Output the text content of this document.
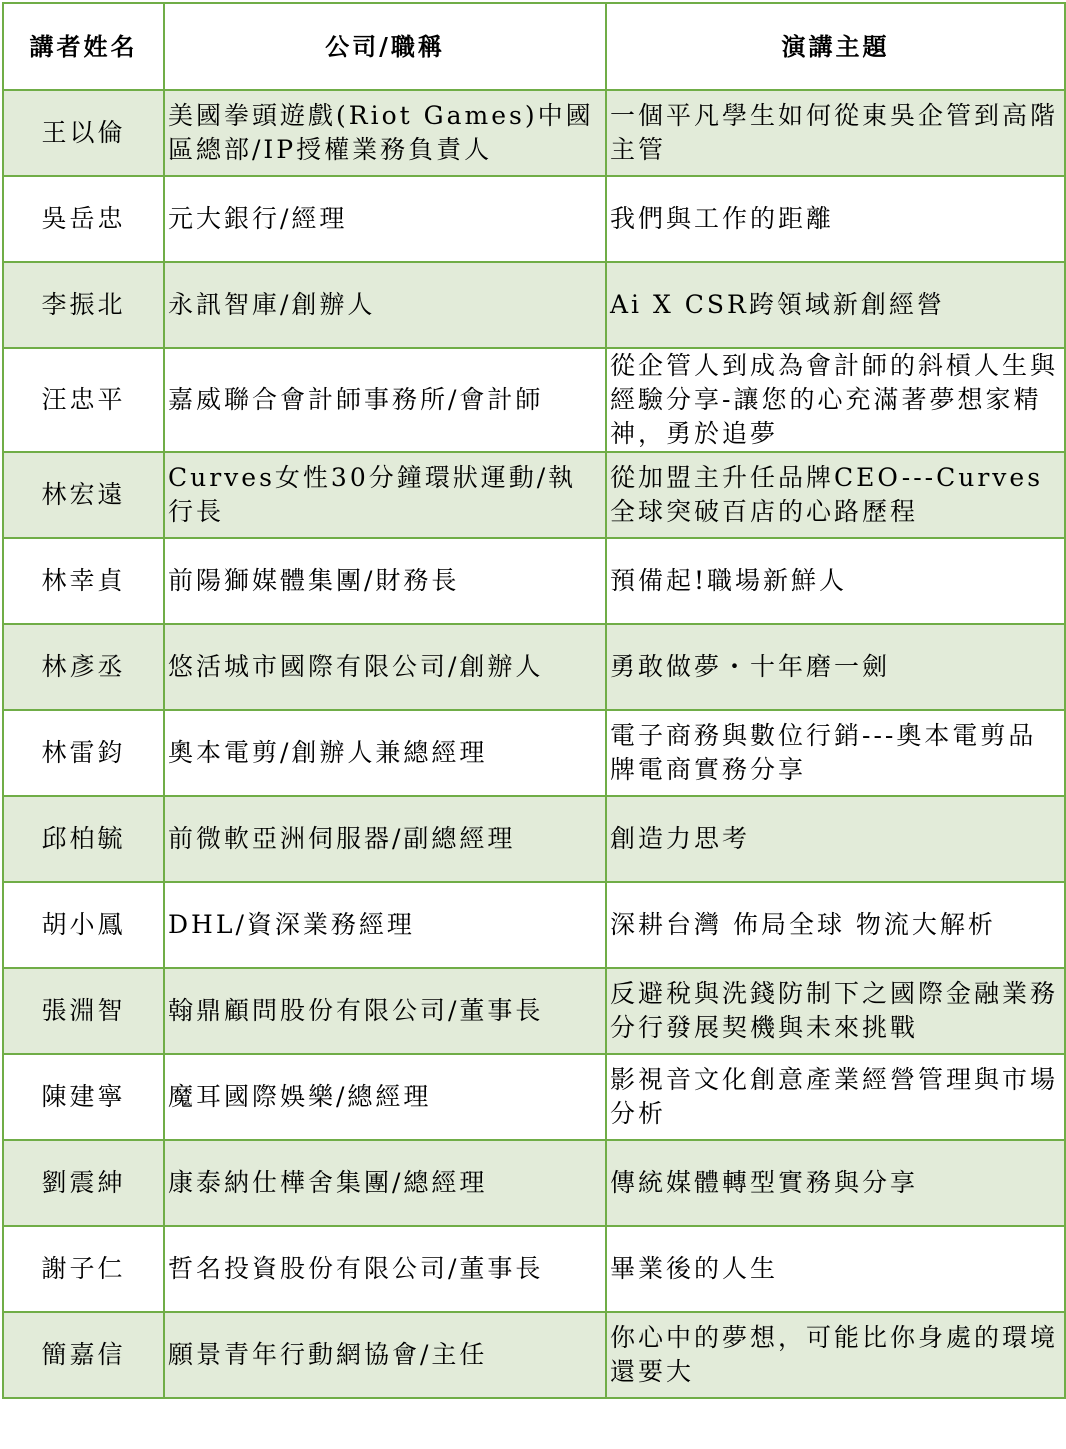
講者姓名	公司/職稱	演講主題
王以倫	美國拳頭遊戲(Riot Games)中國區總部/IP授權業務負責人	一個平凡學生如何從東吳企管到高階主管
吳岳忠	元大銀行/經理	我們與工作的距離
李振北	永訊智庫/創辦人	Ai X CSR跨領域新創經營
汪忠平	嘉威聯合會計師事務所/會計師	從企管人到成為會計師的斜槓人生與經驗分享-讓您的心充滿著夢想家精神，勇於追夢
林宏遠	Curves女性30分鐘環狀運動/執行長	從加盟主升任品牌CEO---Curves全球突破百店的心路歷程
林幸貞	前陽獅媒體集團/財務長	預備起!職場新鮮人
林彥丞	悠活城市國際有限公司/創辦人	勇敢做夢・十年磨一劍
林雷鈞	奧本電剪/創辦人兼總經理	電子商務與數位行銷---奧本電剪品牌電商實務分享
邱柏毓	前微軟亞洲伺服器/副總經理	創造力思考
胡小鳳	DHL/資深業務經理	深耕台灣 佈局全球 物流大解析
張淵智	翰鼎顧問股份有限公司/董事長	反避稅與洗錢防制下之國際金融業務分行發展契機與未來挑戰
陳建寧	魔耳國際娛樂/總經理	影視音文化創意產業經營管理與市場分析
劉震紳	康泰納仕樺舍集團/總經理	傳統媒體轉型實務與分享
謝子仁	哲名投資股份有限公司/董事長	畢業後的人生
簡嘉信	願景青年行動網協會/主任	你心中的夢想，可能比你身處的環境還要大
